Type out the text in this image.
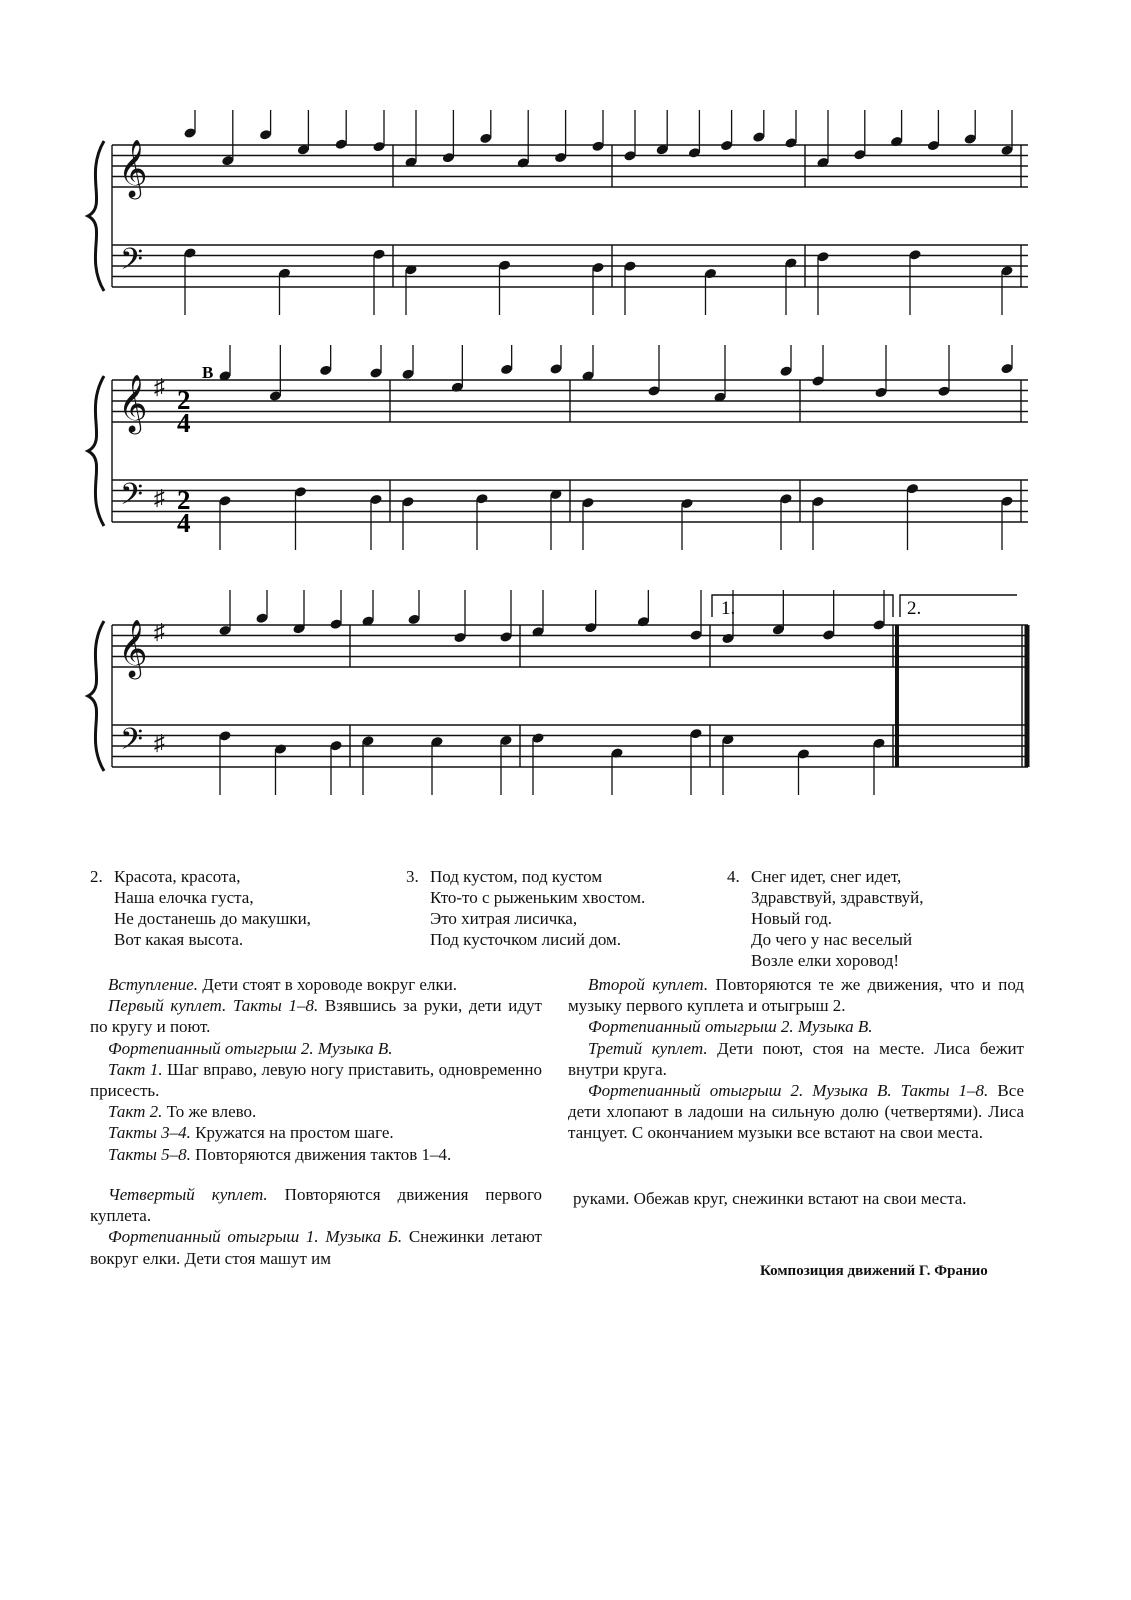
𝄞
𝄢
𝄞
𝄢
♯
♯
𝄞
𝄢
♯
♯
В
2
4
2
4
1.	2.
2. Красота, красота,
Наша елочка густа,
Не достанешь до макушки,
Вот какая высота.
3. Под кустом, под кустом
Кто-то с рыженьким хвостом.
Это хитрая лисичка,
Под кусточком лисий дом.
4. Снег идет, снег идет,
Здравствуй, здравствуй,
Новый год.
До чего у нас веселый
Возле елки хоровод!

Вступление. Дети стоят в хороводе вокруг елки.

Первый куплет. Такты 1–8. Взявшись за руки, дети идут по кругу и поют.

Фортепианный отыгрыш 2. Музыка В.

Такт 1. Шаг вправо, левую ногу приставить, одновременно присесть.

Такт 2. То же влево.

Такты 3–4. Кружатся на простом шаге.

Такты 5–8. Повторяются движения тактов 1–4.

Второй куплет. Повторяются те же движения, что и под музыку первого куплета и отыгрыш 2.

Фортепианный отыгрыш 2. Музыка В.

Третий куплет. Дети поют, стоя на месте. Лиса бежит внутри круга.

Фортепианный отыгрыш 2. Музыка В. Такты 1–8. Все дети хлопают в ладоши на сильную долю (четвертями). Лиса танцует. С окончанием музыки все встают на свои места.

Четвертый куплет. Повторяются движения первого куплета.

Фортепианный отыгрыш 1. Музыка Б. Снежинки летают вокруг елки. Дети стоя машут им

руками. Обежав круг, снежинки встают на свои места.

Композиция движений Г. Франио
